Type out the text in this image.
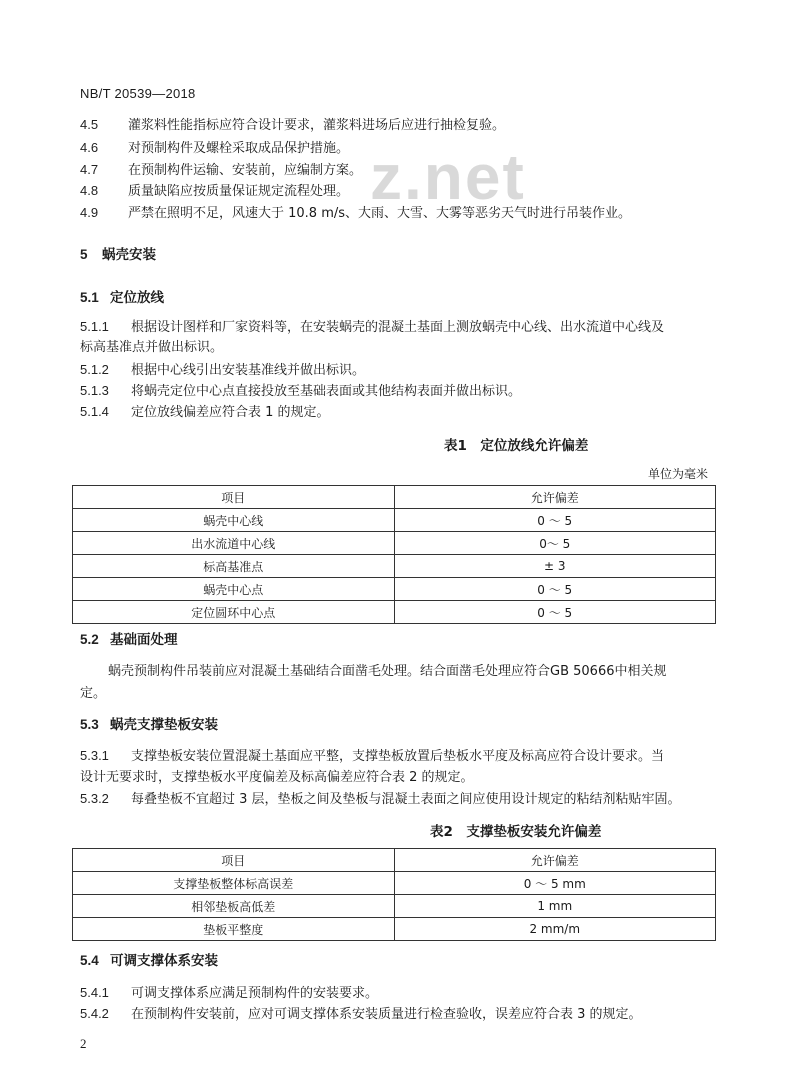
NB/T 20539—2018
z.net
4.5 灌浆料性能指标应符合设计要求，灌浆料进场后应进行抽检复验。
4.6 对预制构件及螺栓采取成品保护措施。
4.7 在预制构件运输、安装前，应编制方案。
4.8 质量缺陷应按质量保证规定流程处理。
4.9 严禁在照明不足，风速大于 10.8 m/s、大雨、大雪、大雾等恶劣天气时进行吊装作业。
5 蜗壳安装
5.1 定位放线
5.1.1 根据设计图样和厂家资料等，在安装蜗壳的混凝土基面上测放蜗壳中心线、出水流道中心线及
标高基准点并做出标识。
5.1.2 根据中心线引出安装基准线并做出标识。
5.1.3 将蜗壳定位中心点直接投放至基础表面或其他结构表面并做出标识。
5.1.4 定位放线偏差应符合表 1 的规定。
表1　定位放线允许偏差
单位为毫米
项目	允许偏差
蜗壳中心线	0 ～ 5
出水流道中心线	0～ 5
标高基准点	± 3
蜗壳中心点	0 ～ 5
定位圆环中心点	0 ～ 5
5.2 基础面处理
蜗壳预制构件吊装前应对混凝土基础结合面凿毛处理。结合面凿毛处理应符合GB 50666中相关规
定。
5.3 蜗壳支撑垫板安装
5.3.1 支撑垫板安装位置混凝土基面应平整，支撑垫板放置后垫板水平度及标高应符合设计要求。当
设计无要求时，支撑垫板水平度偏差及标高偏差应符合表 2 的规定。
5.3.2 每叠垫板不宜超过 3 层，垫板之间及垫板与混凝土表面之间应使用设计规定的粘结剂粘贴牢固。
表2　支撑垫板安装允许偏差
项目	允许偏差
支撑垫板整体标高误差	0 ～ 5 mm
相邻垫板高低差	1 mm
垫板平整度	2 mm/m
5.4 可调支撑体系安装
5.4.1 可调支撑体系应满足预制构件的安装要求。
5.4.2 在预制构件安装前，应对可调支撑体系安装质量进行检查验收，误差应符合表 3 的规定。
2
